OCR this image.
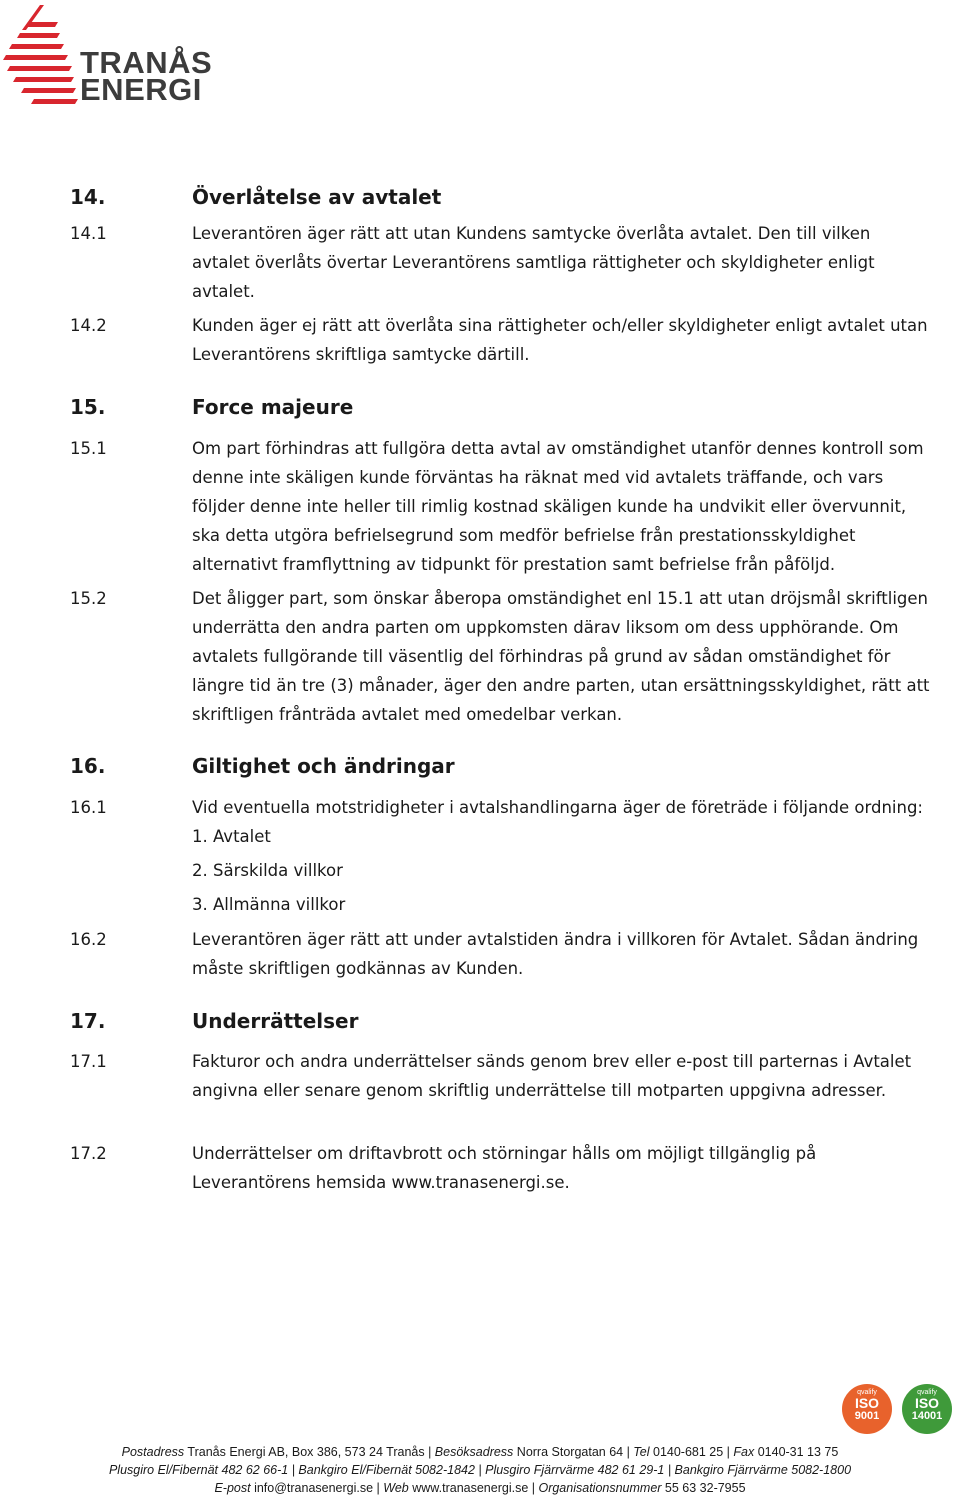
TRANÅS
ENERGI
14.	Överlåtelse av avtalet
14.1	Leverantören äger rätt att utan Kundens samtycke överlåta avtalet. Den till vilken avtalet överlåts övertar Leverantörens samtliga rättigheter och skyldigheter enligt avtalet.
14.2	Kunden äger ej rätt att överlåta sina rättigheter och/eller skyldigheter enligt avtalet utan Leverantörens skriftliga samtycke därtill.
15.	Force majeure
15.1	Om part förhindras att fullgöra detta avtal av omständighet utanför dennes kontroll som denne inte skäligen kunde förväntas ha räknat med vid avtalets träffande, och vars följder denne inte heller till rimlig kostnad skäligen kunde ha undvikit eller övervunnit, ska detta utgöra befrielsegrund som medför befrielse från prestationsskyldighet alternativt framflyttning av tidpunkt för prestation samt befrielse från påföljd.
15.2	Det åligger part, som önskar åberopa omständighet enl 15.1 att utan dröjsmål skriftligen underrätta den andra parten om uppkomsten därav liksom om dess upphörande. Om avtalets fullgörande till väsentlig del förhindras på grund av sådan omständighet för längre tid än tre (3) månader, äger den andre parten, utan ersättningsskyldighet, rätt att skriftligen frånträda avtalet med omedelbar verkan.
16.	Giltighet och ändringar
16.1	Vid eventuella motstridigheter i avtalshandlingarna äger de företräde i följande ordning:
1. Avtalet
2. Särskilda villkor
3. Allmänna villkor
16.2	Leverantören äger rätt att under avtalstiden ändra i villkoren för Avtalet. Sådan ändring måste skriftligen godkännas av Kunden.
17.	Underrättelser
17.1	Fakturor och andra underrättelser sänds genom brev eller e-post till parternas i Avtalet angivna eller senare genom skriftlig underrättelse till motparten uppgivna adresser.
17.2	Underrättelser om driftavbrott och störningar hålls om möjligt tillgänglig på Leverantörens hemsida www.tranasenergi.se.
qvalify
ISO
9001
qvalify
ISO
14001
Postadress Tranås Energi AB, Box 386, 573 24 Tranås | Besöksadress Norra Storgatan 64 | Tel 0140-681 25 | Fax 0140-31 13 75
Plusgiro El/Fibernät 482 62 66-1 | Bankgiro El/Fibernät 5082-1842 | Plusgiro Fjärrvärme 482 61 29-1 | Bankgiro Fjärrvärme 5082-1800
E-post info@tranasenergi.se | Web www.tranasenergi.se | Organisationsnummer 55 63 32-7955
